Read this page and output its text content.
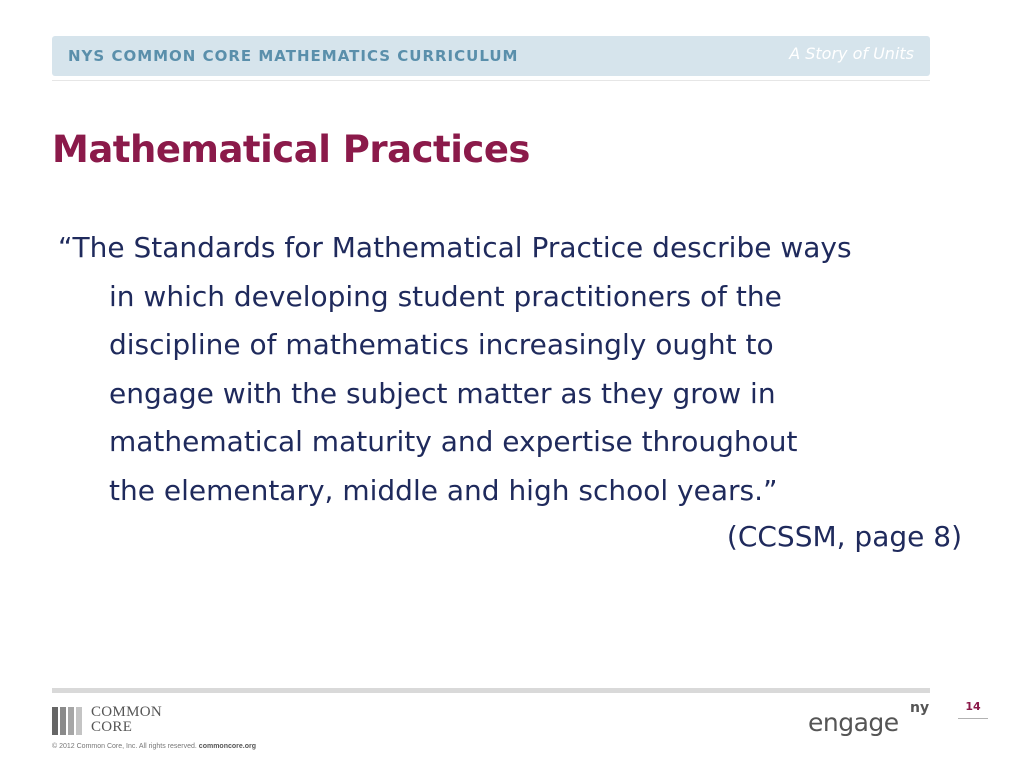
NYS COMMON CORE MATHEMATICS CURRICULUM	A Story of Units
Mathematical Practices
“The Standards for Mathematical Practice describe ways
in which developing student practitioners of the
discipline of mathematics increasingly ought to
engage with the subject matter as they grow in
mathematical maturity and expertise throughout
the elementary, middle and high school years.”
(CCSSM, page 8)
COMMON
CORE
© 2012 Common Core, Inc. All rights reserved. commoncore.org
engage ny	14
